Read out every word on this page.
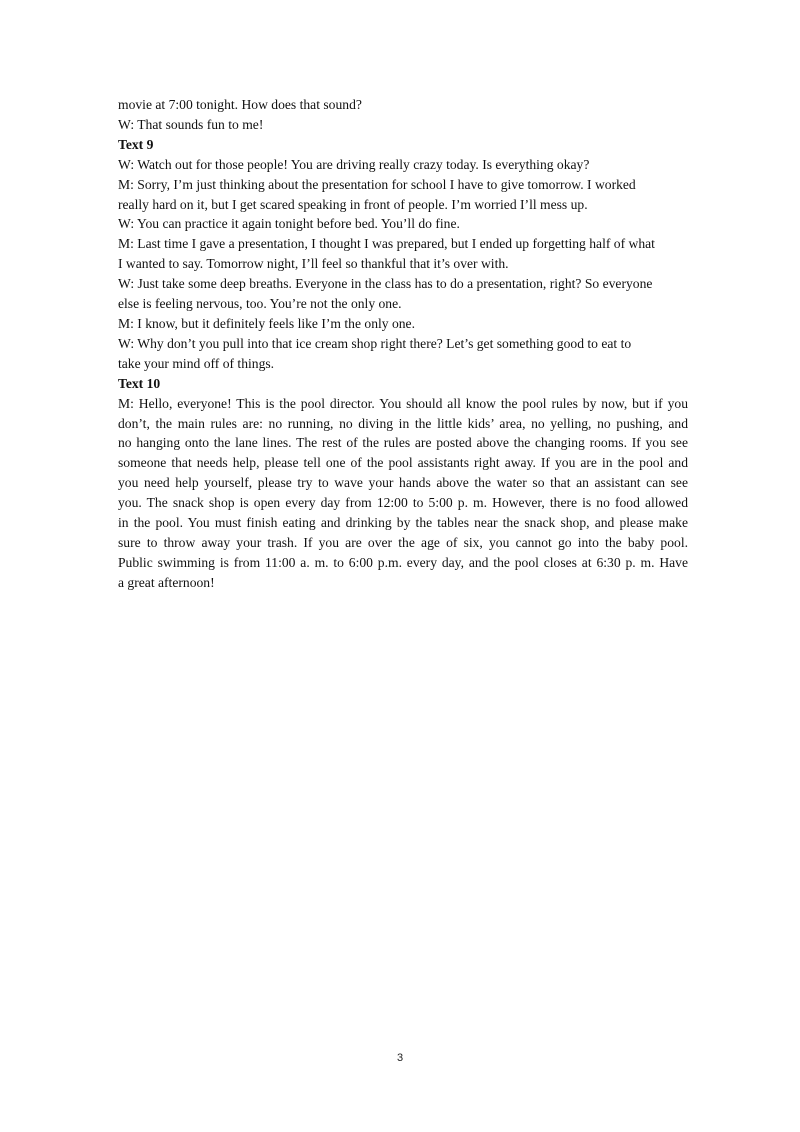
movie at 7:00 tonight. How does that sound?
W: That sounds fun to me!
Text 9
W: Watch out for those people! You are driving really crazy today. Is everything okay?
M: Sorry, I’m just thinking about the presentation for school I have to give tomorrow. I worked
really hard on it, but I get scared speaking in front of people. I’m worried I’ll mess up.
W: You can practice it again tonight before bed. You’ll do fine.
M: Last time I gave a presentation, I thought I was prepared, but I ended up forgetting half of what
I wanted to say. Tomorrow night, I’ll feel so thankful that it’s over with.
W: Just take some deep breaths. Everyone in the class has to do a presentation, right? So everyone
else is feeling nervous, too. You’re not the only one.
M: I know, but it definitely feels like I’m the only one.
W: Why don’t you pull into that ice cream shop right there? Let’s get something good to eat to
take your mind off of things.
Text 10
M: Hello, everyone! This is the pool director. You should all know the pool rules by now, but if you
don’t, the main rules are: no running, no diving in the little kids’ area, no yelling, no pushing, and
no hanging onto the lane lines. The rest of the rules are posted above the changing rooms. If you see
someone that needs help, please tell one of the pool assistants right away. If you are in the pool and
you need help yourself, please try to wave your hands above the water so that an assistant can see
you. The snack shop is open every day from 12:00 to 5:00 p. m. However, there is no food allowed
in the pool. You must finish eating and drinking by the tables near the snack shop, and please make
sure to throw away your trash. If you are over the age of six, you cannot go into the baby pool.
Public swimming is from 11:00 a. m. to 6:00 p.m. every day, and the pool closes at 6:30 p. m. Have
a great afternoon!
3
